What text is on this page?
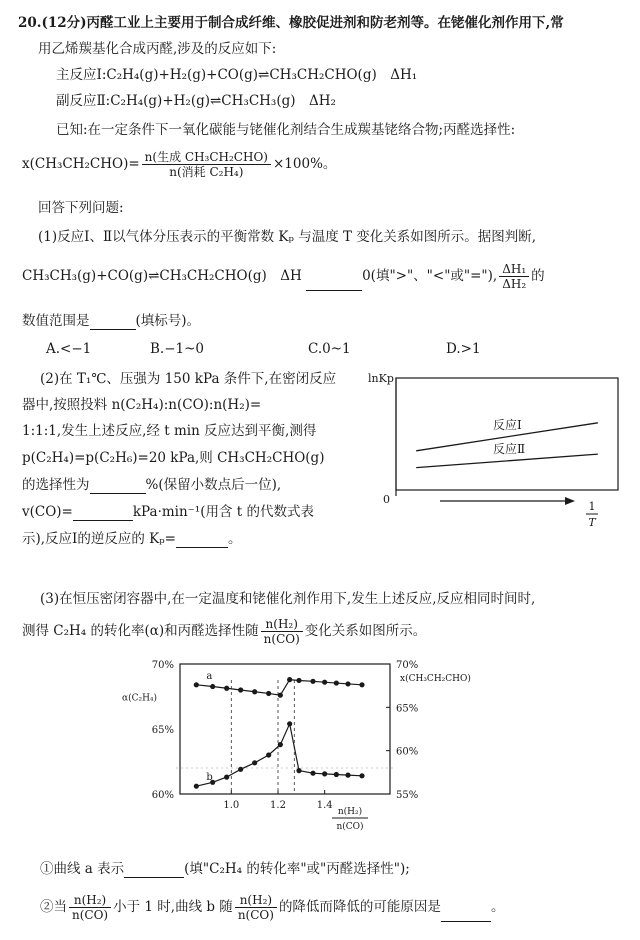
20.(12分)丙醛工业上主要用于制合成纤维、橡胶促进剂和防老剂等。在铑催化剂作用下,常
用乙烯羰基化合成丙醛,涉及的反应如下:
主反应Ⅰ:C₂H₄(g)+H₂(g)+CO(g)⇌CH₃CH₂CHO(g)　ΔH₁
副反应Ⅱ:C₂H₄(g)+H₂(g)⇌CH₃CH₃(g)　ΔH₂
已知:在一定条件下一氧化碳能与铑催化剂结合生成羰基铑络合物;丙醛选择性:
$x(CH_3CH_2CHO)= \frac{\text{n(生成 CH₃CH₂CHO)}}{\text{n(消耗 C₂H₄)}} \times 100\%$。
回答下列问题:
(1)反应Ⅰ、Ⅱ以气体分压表示的平衡常数 Kₚ 与温度 T 变化关系如图所示。据图判断,
CH₃CH₃(g)+CO(g)⇌CH₃CH₂CHO(g)　ΔH	0(填">"、"<"或"="), $\frac{\text{ΔH₁}}{\text{ΔH₂}}$ 的
数值范围是	(填标号)。
A.<−1	B.−1~0	C.0~1	D.>1
(2)在 T₁℃、压强为 150 kPa 条件下,在密闭反应
器中,按照投料 n(C₂H₄):n(CO):n(H₂)=
1:1:1,发生上述反应,经 t min 反应达到平衡,测得
p(C₂H₄)=p(C₂H₆)=20 kPa,则 CH₃CH₂CHO(g)
的选择性为	%(保留小数点后一位),
v(CO)=	kPa·min⁻¹(用含 t 的代数式表
示),反应Ⅰ的逆反应的 Kₚ=	。
lnKp
0
反应Ⅰ
反应Ⅱ
1
T
(3)在恒压密闭容器中,在一定温度和铑催化剂作用下,发生上述反应,反应相同时间时,
测得 C₂H₄ 的转化率(α)和丙醛选择性随 $\frac{\text{n(H₂)}}{n(CO)}$ 变化关系如图所示。
60%
65%
70%
55%
60%
65%
70%
1.0	1.2	1.4
α(C₂H₄)
x(CH₃CH₂CHO)
n(H₂)
n(CO)
a
b
①曲线 a 表示	(填"C₂H₄ 的转化率"或"丙醛选择性");
②当 $\frac{\text{n(H₂)}}{n(CO)}$ 小于 1 时,曲线 b 随 $\frac{\text{n(H₂)}}{n(CO)}$ 的降低而降低的可能原因是	。
